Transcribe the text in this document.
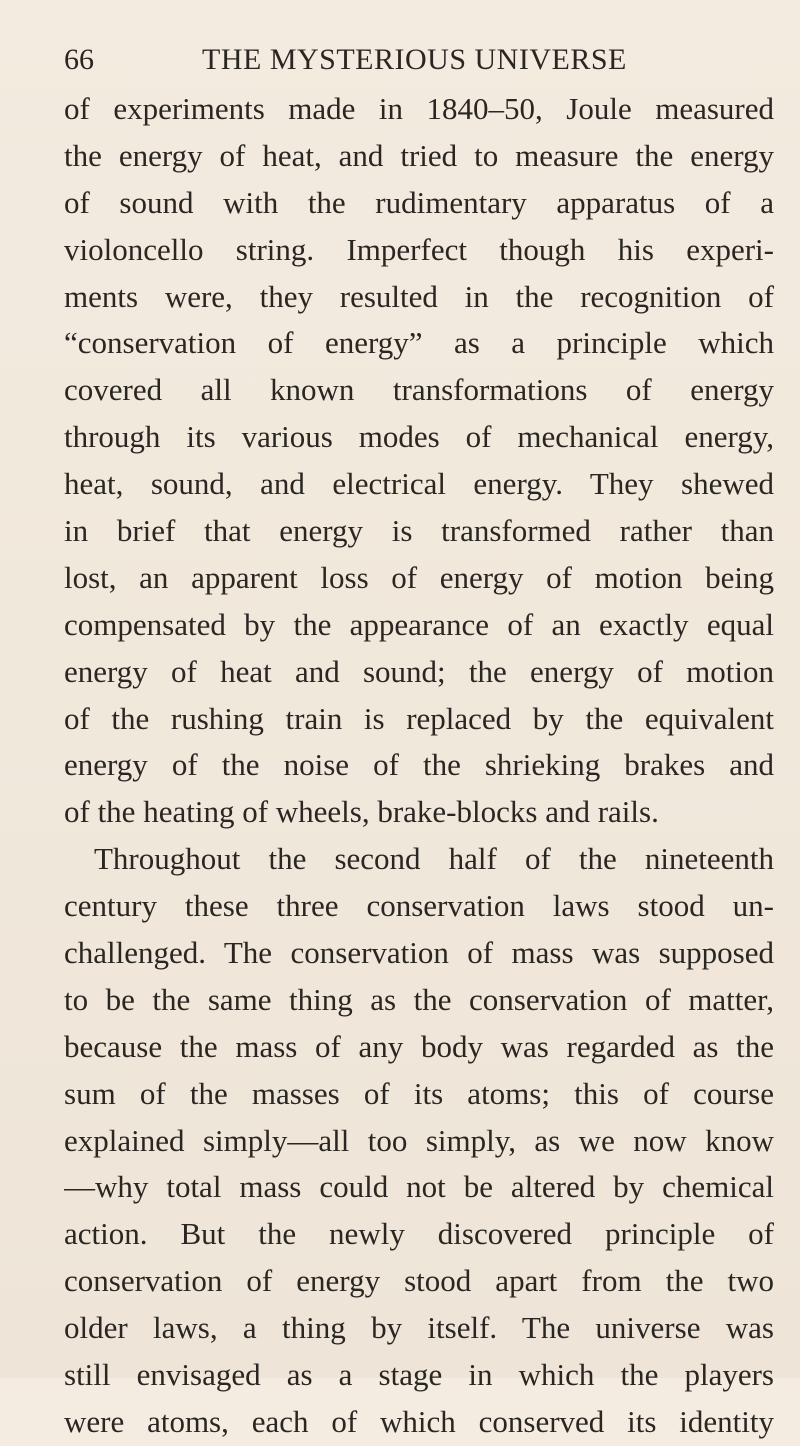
66	THE MYSTERIOUS UNIVERSE
of experiments made in 1840–50, Joule measured
the energy of heat, and tried to measure the energy
of sound with the rudimentary apparatus of a
violoncello string. Imperfect though his experi-
ments were, they resulted in the recognition of
“conservation of energy” as a principle which
covered all known transformations of energy
through its various modes of mechanical energy,
heat, sound, and electrical energy. They shewed
in brief that energy is transformed rather than
lost, an apparent loss of energy of motion being
compensated by the appearance of an exactly equal
energy of heat and sound; the energy of motion
of the rushing train is replaced by the equivalent
energy of the noise of the shrieking brakes and
of the heating of wheels, brake-blocks and rails.
Throughout the second half of the nineteenth
century these three conservation laws stood un-
challenged. The conservation of mass was supposed
to be the same thing as the conservation of matter,
because the mass of any body was regarded as the
sum of the masses of its atoms; this of course
explained simply—all too simply, as we now know
—why total mass could not be altered by chemical
action. But the newly discovered principle of
conservation of energy stood apart from the two
older laws, a thing by itself. The universe was
still envisaged as a stage in which the players
were atoms, each of which conserved its identity
